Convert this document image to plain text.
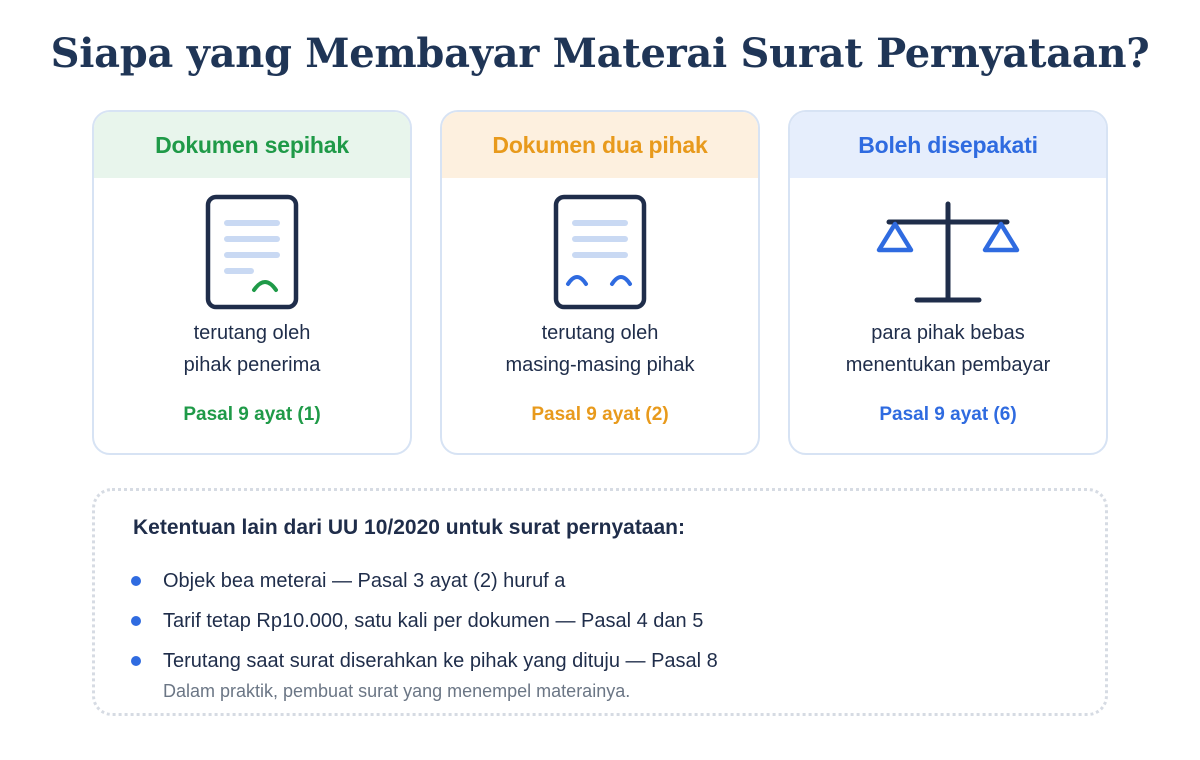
Siapa yang Membayar Materai Surat Pernyataan?
Dokumen sepihak
terutang oleh
pihak penerima
Pasal 9 ayat (1)
Dokumen dua pihak
terutang oleh
masing-masing pihak
Pasal 9 ayat (2)
Boleh disepakati
para pihak bebas
menentukan pembayar
Pasal 9 ayat (6)
Ketentuan lain dari UU 10/2020 untuk surat pernyataan:
Objek bea meterai — Pasal 3 ayat (2) huruf a
Tarif tetap Rp10.000, satu kali per dokumen — Pasal 4 dan 5
Terutang saat surat diserahkan ke pihak yang dituju — Pasal 8
Dalam praktik, pembuat surat yang menempel materainya.
